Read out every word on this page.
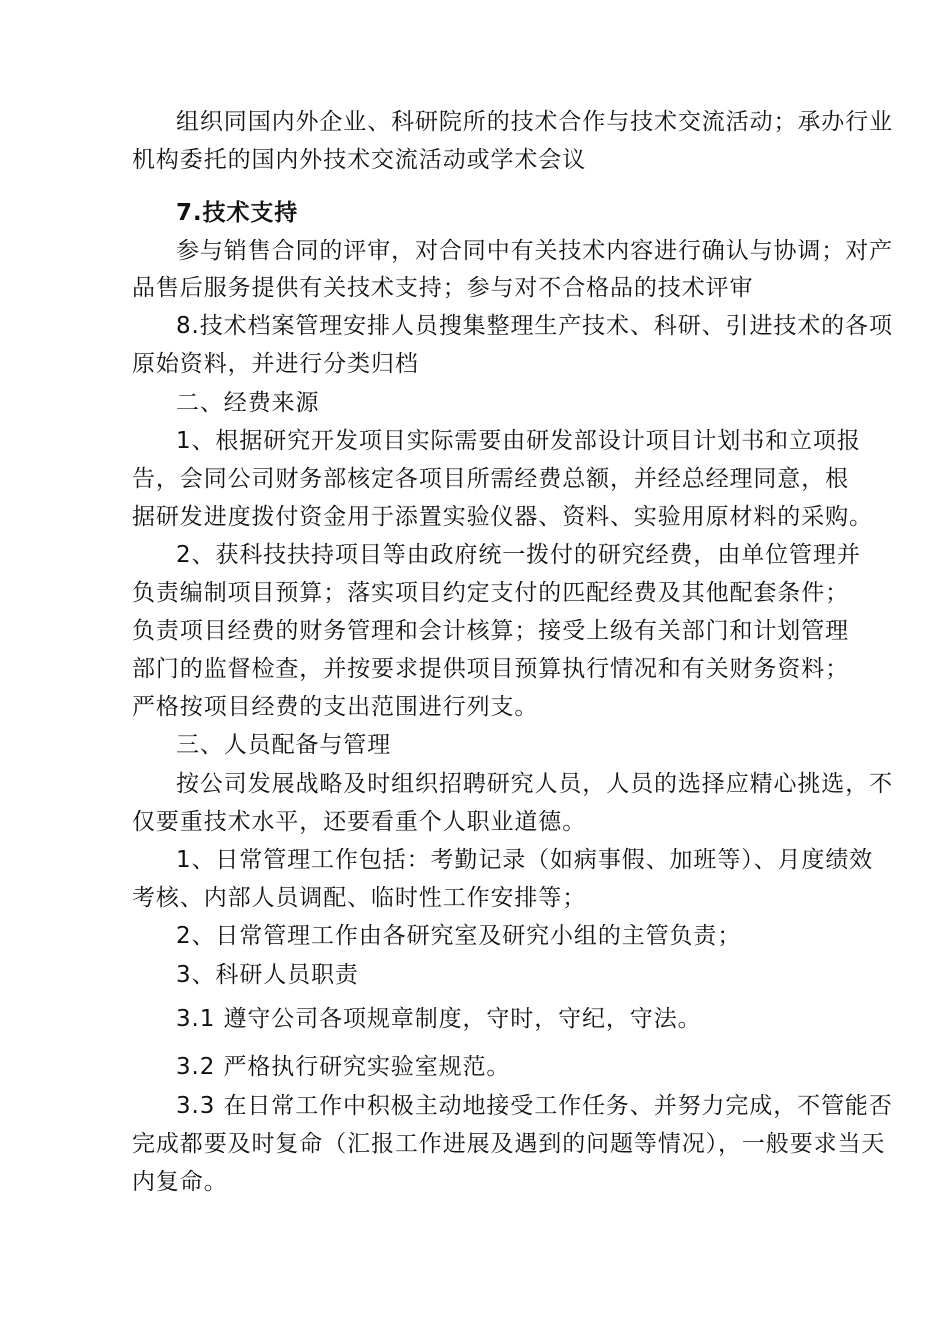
组织同国内外企业、科研院所的技术合作与技术交流活动；承办行业
机构委托的国内外技术交流活动或学术会议
7.技术支持
参与销售合同的评审，对合同中有关技术内容进行确认与协调；对产
品售后服务提供有关技术支持；参与对不合格品的技术评审
8.技术档案管理安排人员搜集整理生产技术、科研、引进技术的各项
原始资料，并进行分类归档
二、经费来源
1、根据研究开发项目实际需要由研发部设计项目计划书和立项报
告，会同公司财务部核定各项目所需经费总额，并经总经理同意，根
据研发进度拨付资金用于添置实验仪器、资料、实验用原材料的采购。
2、获科技扶持项目等由政府统一拨付的研究经费，由单位管理并
负责编制项目预算；落实项目约定支付的匹配经费及其他配套条件；
负责项目经费的财务管理和会计核算；接受上级有关部门和计划管理
部门的监督检查，并按要求提供项目预算执行情况和有关财务资料；
严格按项目经费的支出范围进行列支。
三、人员配备与管理
按公司发展战略及时组织招聘研究人员，人员的选择应精心挑选，不
仅要重技术水平，还要看重个人职业道德。
1、日常管理工作包括：考勤记录（如病事假、加班等）、月度绩效
考核、内部人员调配、临时性工作安排等；
2、日常管理工作由各研究室及研究小组的主管负责；
3、科研人员职责
3.1 遵守公司各项规章制度，守时，守纪，守法。
3.2 严格执行研究实验室规范。
3.3 在日常工作中积极主动地接受工作任务、并努力完成，不管能否
完成都要及时复命（汇报工作进展及遇到的问题等情况），一般要求当天
内复命。
